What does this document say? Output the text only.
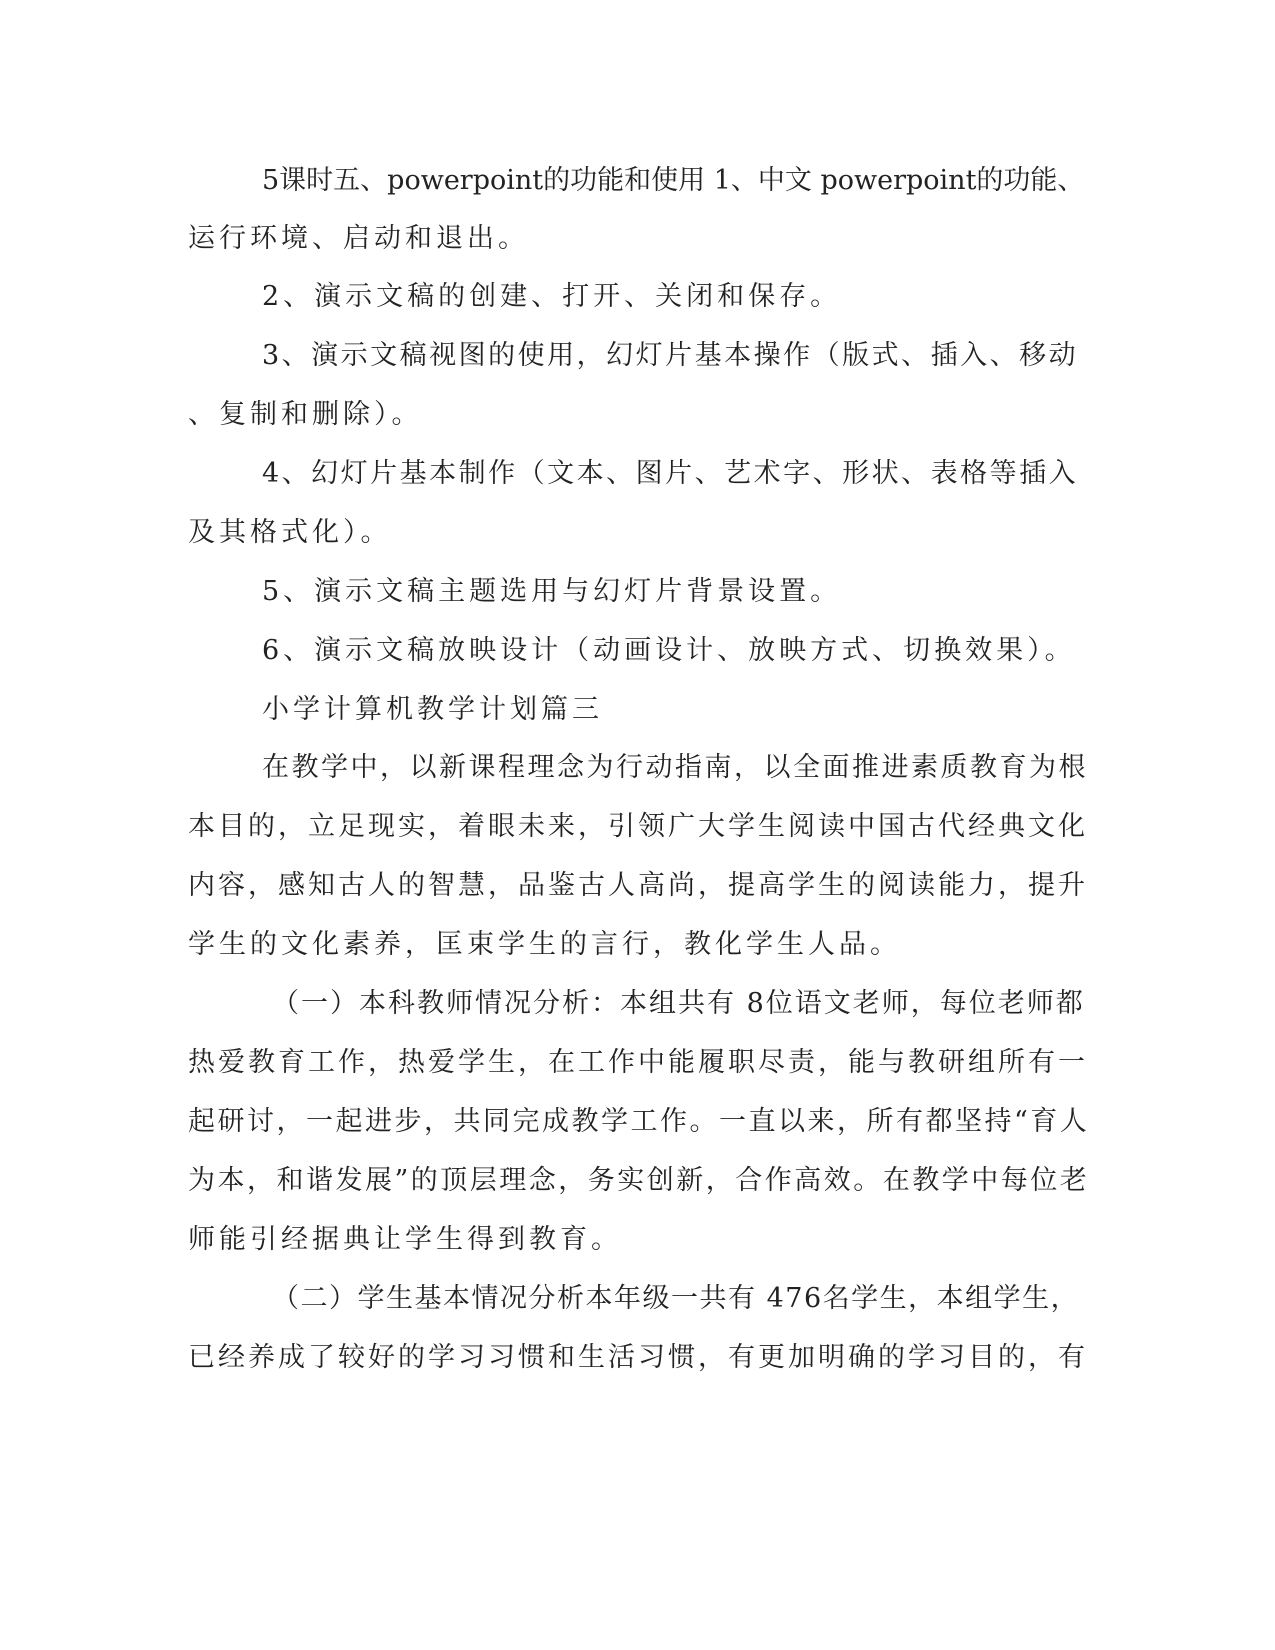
5课时五、powerpoint的功能和使用 1、中文 powerpoint的功能、
运行环境、启动和退出。
2、演示文稿的创建、打开、关闭和保存。
3、演示文稿视图的使用，幻灯片基本操作（版式、插入、移动
、复制和删除）。
4、幻灯片基本制作（文本、图片、艺术字、形状、表格等插入
及其格式化）。
5、演示文稿主题选用与幻灯片背景设置。
6、演示文稿放映设计（动画设计、放映方式、切换效果）。
小学计算机教学计划篇三
在教学中，以新课程理念为行动指南，以全面推进素质教育为根
本目的，立足现实，着眼未来，引领广大学生阅读中国古代经典文化
内容，感知古人的智慧，品鉴古人高尚，提高学生的阅读能力，提升
学生的文化素养，匡束学生的言行，教化学生人品。
（一）本科教师情况分析：本组共有 8位语文老师，每位老师都
热爱教育工作，热爱学生，在工作中能履职尽责，能与教研组所有一
起研讨，一起进步，共同完成教学工作。一直以来，所有都坚持“育人
为本，和谐发展”的顶层理念，务实创新，合作高效。在教学中每位老
师能引经据典让学生得到教育。
（二）学生基本情况分析本年级一共有 476名学生，本组学生，
已经养成了较好的学习习惯和生活习惯，有更加明确的学习目的，有
